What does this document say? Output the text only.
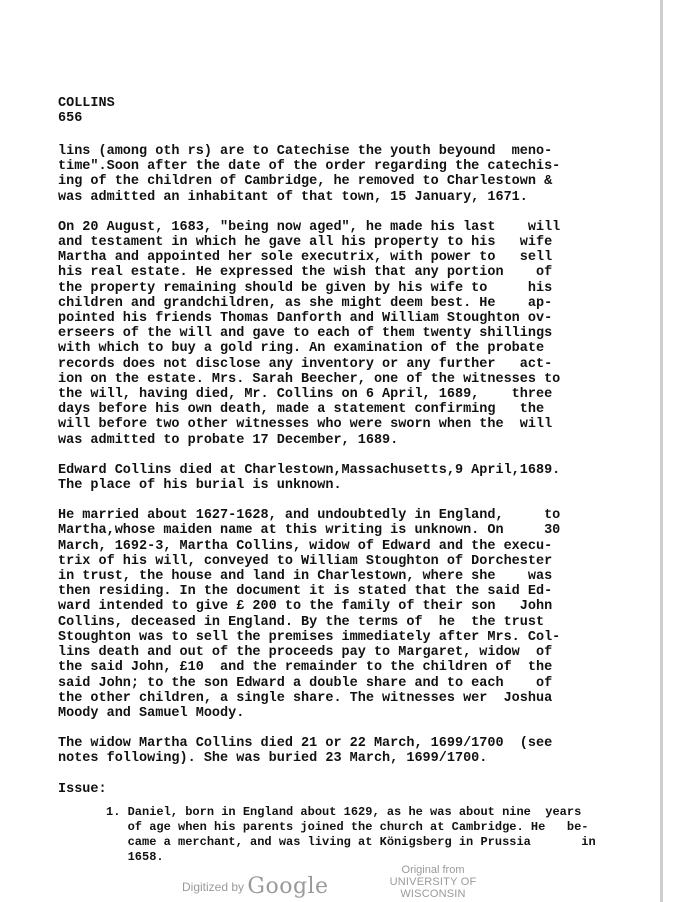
COLLINS
656

lins (among oth rs) are to Catechise the youth beyound  meno-
time".Soon after the date of the order regarding the catechis-
ing of the children of Cambridge, he removed to Charlestown &
was admitted an inhabitant of that town, 15 January, 1671.

On 20 August, 1683, "being now aged", he made his last    will
and testament in which he gave all his property to his   wife
Martha and appointed her sole executrix, with power to   sell
his real estate. He expressed the wish that any portion    of
the property remaining should be given by his wife to     his
children and grandchildren, as she might deem best. He    ap-
pointed his friends Thomas Danforth and William Stoughton ov-
erseers of the will and gave to each of them twenty shillings
with which to buy a gold ring. An examination of the probate
records does not disclose any inventory or any further   act-
ion on the estate. Mrs. Sarah Beecher, one of the witnesses to
the will, having died, Mr. Collins on 6 April, 1689,    three
days before his own death, made a statement confirming   the
will before two other witnesses who were sworn when the  will
was admitted to probate 17 December, 1689.

Edward Collins died at Charlestown,Massachusetts,9 April,1689.
The place of his burial is unknown.

He married about 1627-1628, and undoubtedly in England,     to
Martha,whose maiden name at this writing is unknown. On     30
March, 1692-3, Martha Collins, widow of Edward and the execu-
trix of his will, conveyed to William Stoughton of Dorchester
in trust, the house and land in Charlestown, where she    was
then residing. In the document it is stated that the said Ed-
ward intended to give £ 200 to the family of their son   John
Collins, deceased in England. By the terms of  he  the trust
Stoughton was to sell the premises immediately after Mrs. Col-
lins death and out of the proceeds pay to Margaret, widow  of
the said John, £10  and the remainder to the children of  the
said John; to the son Edward a double share and to each    of
the other children, a single share. The witnesses wer  Joshua
Moody and Samuel Moody.

The widow Martha Collins died 21 or 22 March, 1699/1700  (see
notes following). She was buried 23 March, 1699/1700.

Issue:
1. Daniel, born in England about 1629, as he was about nine  years
of age when his parents joined the church at Cambridge. He   be-
came a merchant, and was living at Königsberg in Prussia       in
1658.
Digitized by Google
Original from
UNIVERSITY OF WISCONSIN
